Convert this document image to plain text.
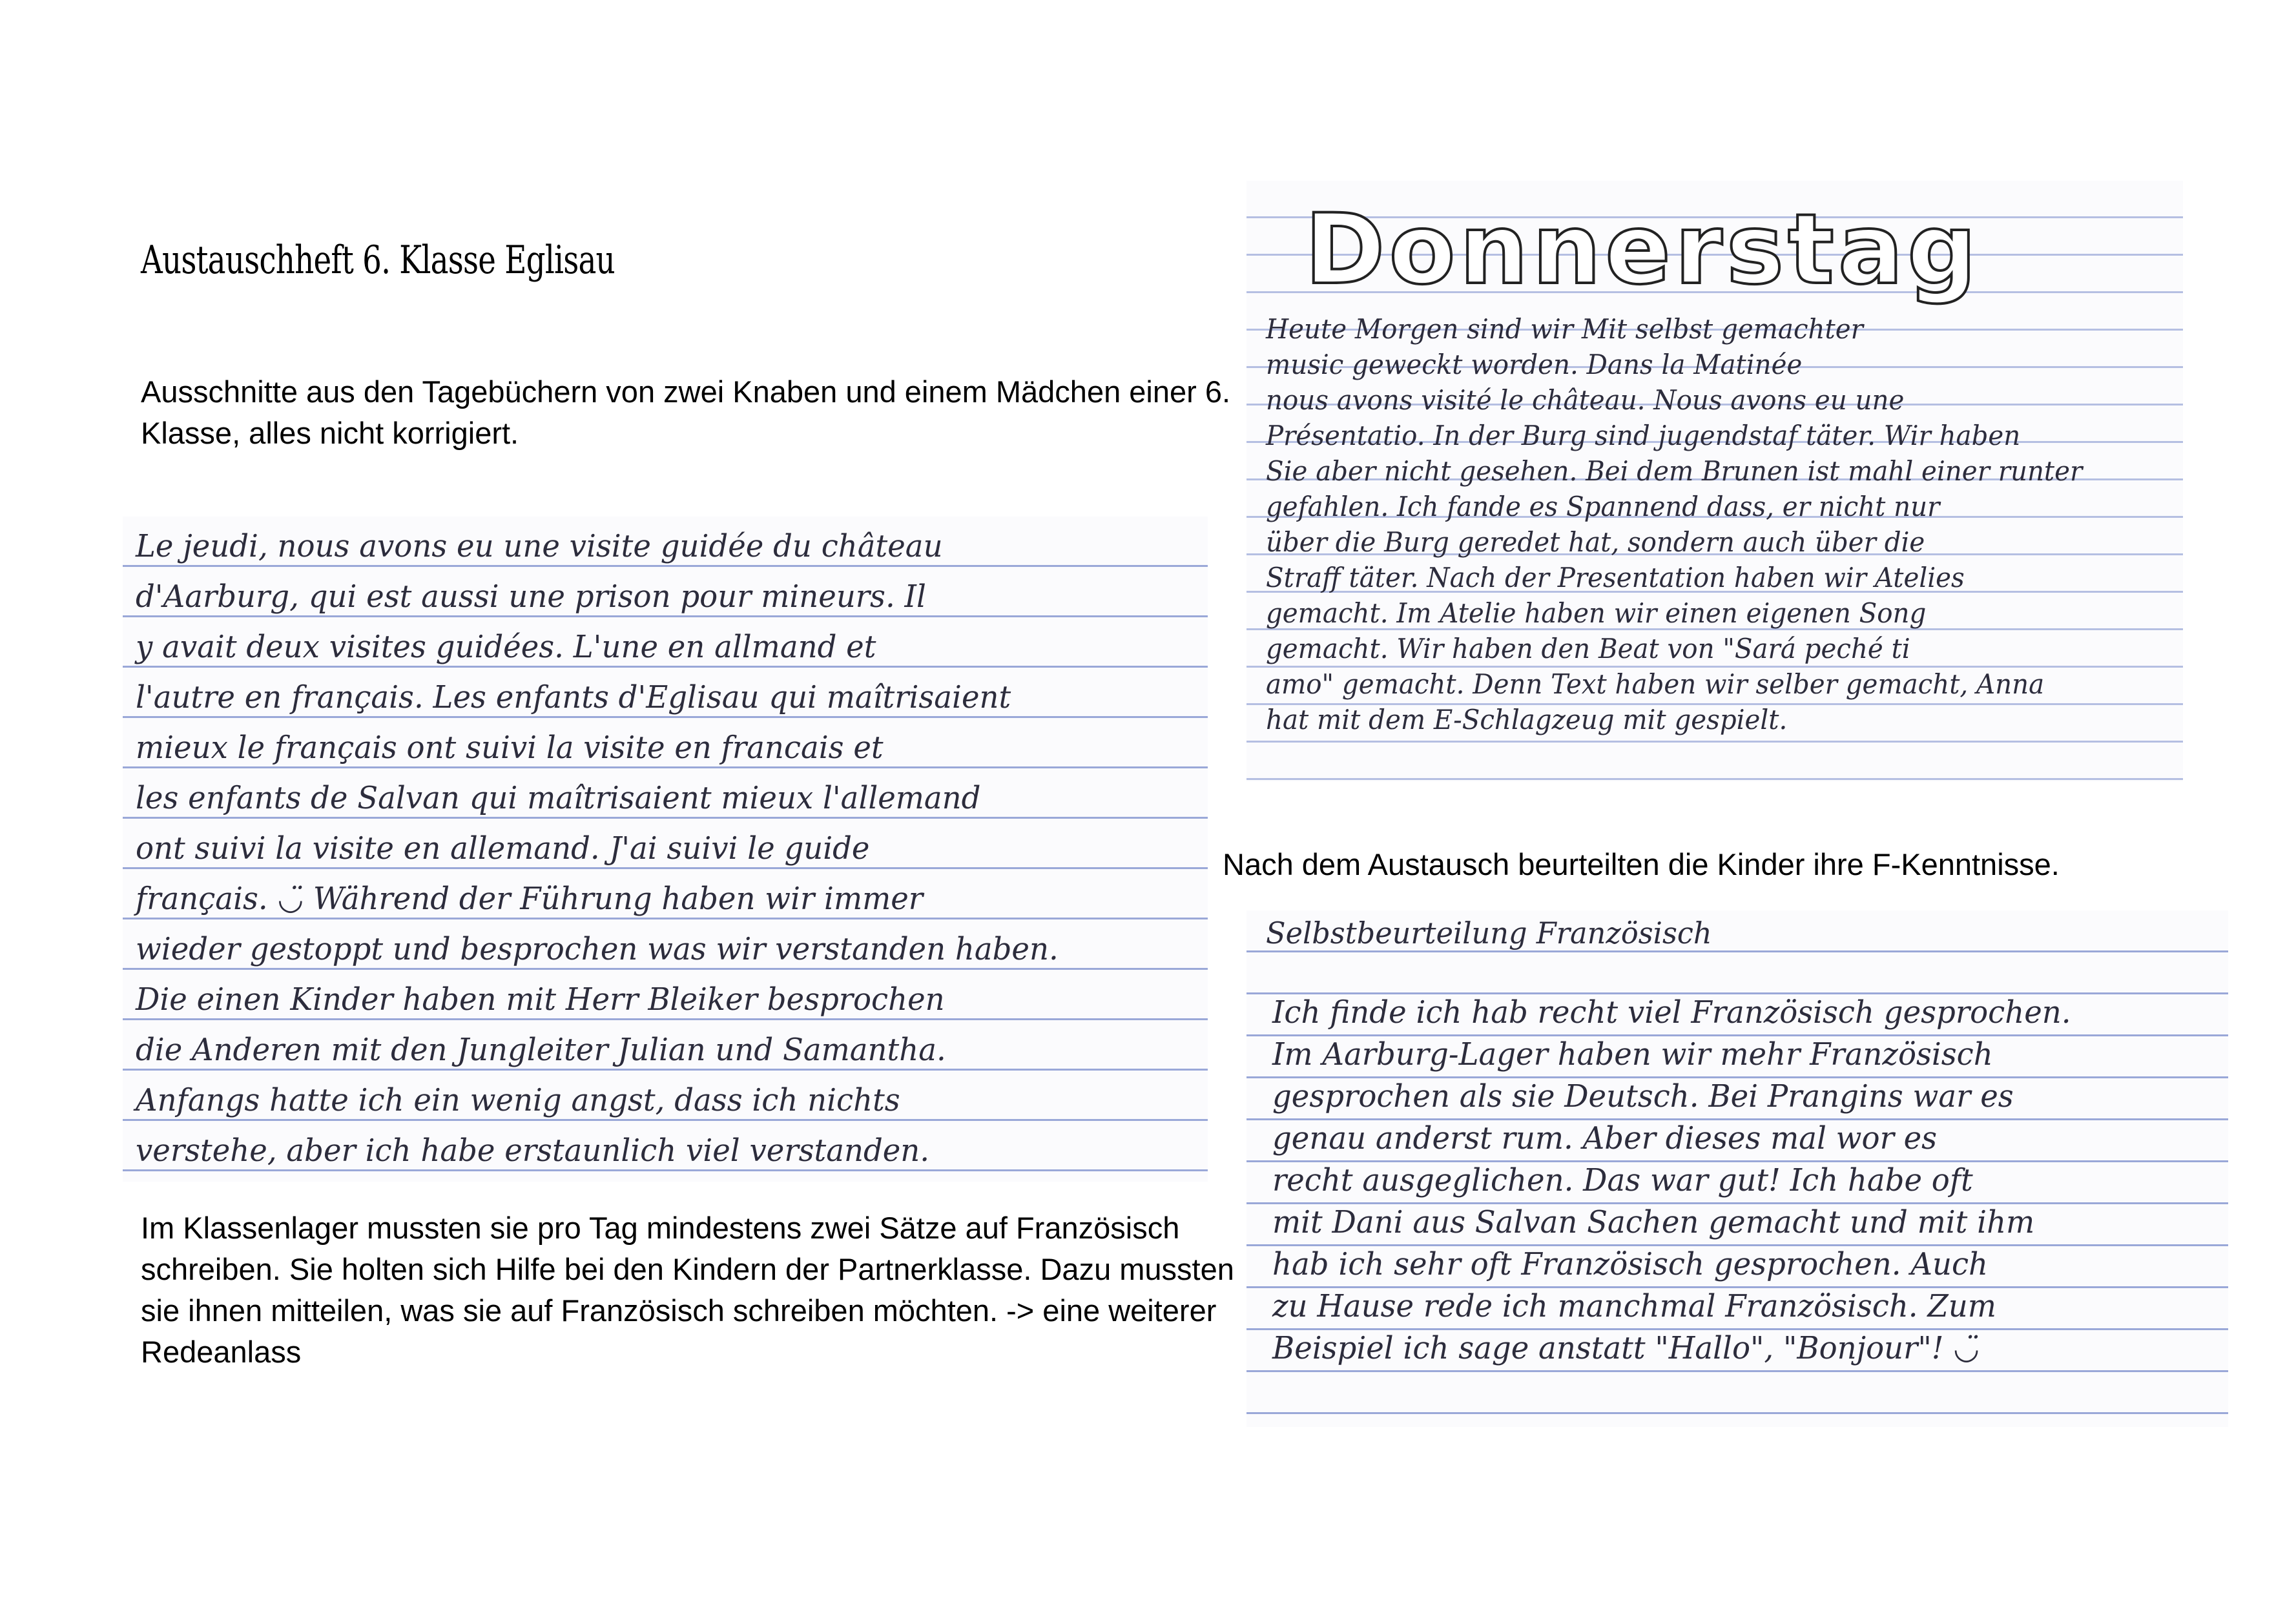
Austauschheft 6. Klasse Eglisau
Ausschnitte aus den Tagebüchern von zwei Knaben und einem Mädchen einer 6. Klasse, alles nicht korrigiert.
Le jeudi, nous avons eu une visite guidée du château
d'Aarburg, qui est aussi une prison pour mineurs. Il
y avait deux visites guidées. L'une en allmand et
l'autre en français. Les enfants d'Eglisau qui maîtrisaient
mieux le français ont suivi la visite en francais et
les enfants de Salvan qui maîtrisaient mieux l'allemand
ont suivi la visite en allemand. J'ai suivi le guide
français. ◡̈ Während der Führung haben wir immer
wieder gestoppt und besprochen was wir verstanden haben.
Die einen Kinder haben mit Herr Bleiker besprochen
die Anderen mit den Jungleiter Julian und Samantha.
Anfangs hatte ich ein wenig angst, dass ich nichts
verstehe, aber ich habe erstaunlich viel verstanden.
Im Klassenlager mussten sie pro Tag mindestens zwei Sätze auf Französisch schreiben. Sie holten sich Hilfe bei den Kindern der Partnerklasse. Dazu mussten sie ihnen mitteilen, was sie auf Französisch schreiben möchten. -> eine weiterer Redeanlass
Donnerstag
Heute Morgen sind wir Mit selbst gemachter
music geweckt worden. Dans la Matinée
nous avons visité le château. Nous avons eu une
Présentatio. In der Burg sind jugendstaf täter. Wir haben
Sie aber nicht gesehen. Bei dem Brunen ist mahl einer runter
gefahlen. Ich fande es Spannend dass, er nicht nur
über die Burg geredet hat, sondern auch über die
Straff täter. Nach der Presentation haben wir Atelies
gemacht. Im Atelie haben wir einen eigenen Song
gemacht. Wir haben den Beat von "Sará peché ti
amo" gemacht. Denn Text haben wir selber gemacht, Anna
hat mit dem E-Schlagzeug mit gespielt.
Nach dem Austausch beurteilten die Kinder ihre F-Kenntnisse.
Selbstbeurteilung Französisch
Ich finde ich hab recht viel Französisch gesprochen.
Im Aarburg-Lager haben wir mehr Französisch
gesprochen als sie Deutsch. Bei Prangins war es
genau anderst rum. Aber dieses mal wor es
recht ausgeglichen. Das war gut! Ich habe oft
mit Dani aus Salvan Sachen gemacht und mit ihm
hab ich sehr oft Französisch gesprochen. Auch
zu Hause rede ich manchmal Französisch. Zum
Beispiel ich sage anstatt "Hallo", "Bonjour"! ◡̈
